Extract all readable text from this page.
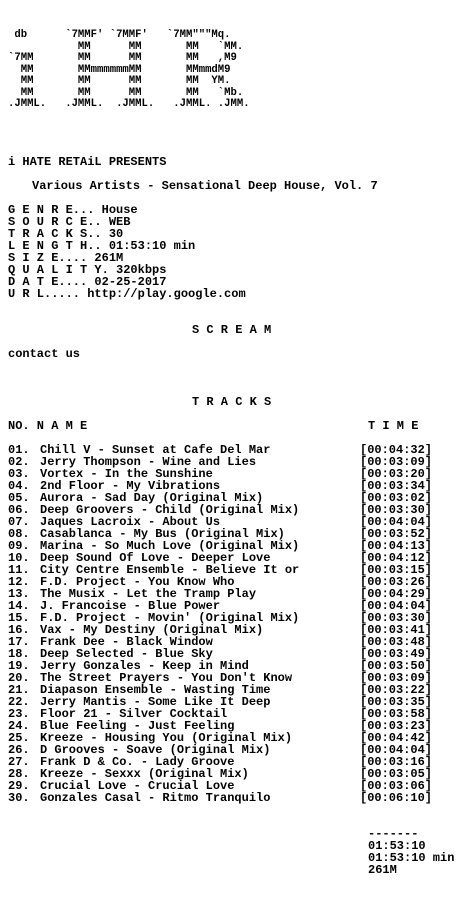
db      `7MMF' `7MMF'   `7MM"""Mq.
MM      MM       MM   `MM.
`7MM       MM      MM       MM   ,M9
MM       MMmmmmmmMM       MMmmdM9
MM       MM      MM       MM  YM.
MM       MM      MM       MM   `Mb.
.JMML.   .JMML.  .JMML.   .JMML. .JMM.
i HATE RETAiL PRESENTS
Various Artists - Sensational Deep House, Vol. 7
G E N R E... House
S O U R C E.. WEB
T R A C K S.. 30
L E N G T H.. 01:53:10 min
S I Z E.... 261M
Q U A L I T Y. 320kbps
D A T E.... 02-25-2017
U R L..... http://play.google.com
S C R E A M
contact us
T R A C K S
NO. N A M E	T I M E
01. Chill V - Sunset at Cafe Del Mar	[00:04:32]
02. Jerry Thompson - Wine and Lies	[00:03:09]
03. Vortex - In the Sunshine	[00:03:20]
04. 2nd Floor - My Vibrations	[00:03:34]
05. Aurora - Sad Day (Original Mix)	[00:03:02]
06. Deep Groovers - Child (Original Mix)	[00:03:30]
07. Jaques Lacroix - About Us	[00:04:04]
08. Casablanca - My Bus (Original Mix)	[00:03:52]
09. Marina - So Much Love (Original Mix)	[00:04:13]
10. Deep Sound Of Love - Deeper Love	[00:04:12]
11. City Centre Ensemble - Believe It or	[00:03:15]
12. F.D. Project - You Know Who	[00:03:26]
13. The Musix - Let the Tramp Play	[00:04:29]
14. J. Francoise - Blue Power	[00:04:04]
15. F.D. Project - Movin' (Original Mix)	[00:03:30]
16. Vax - My Destiny (Original Mix)	[00:03:41]
17. Frank Dee - Black Window	[00:03:48]
18. Deep Selected - Blue Sky	[00:03:49]
19. Jerry Gonzales - Keep in Mind	[00:03:50]
20. The Street Prayers - You Don't Know	[00:03:09]
21. Diapason Ensemble - Wasting Time	[00:03:22]
22. Jerry Mantis - Some Like It Deep	[00:03:35]
23. Floor 21 - Silver Cocktail	[00:03:58]
24. Blue Feeling - Just Feeling	[00:03:23]
25. Kreeze - Housing You (Original Mix)	[00:04:42]
26. D Grooves - Soave (Original Mix)	[00:04:04]
27. Frank D & Co. - Lady Groove	[00:03:16]
28. Kreeze - Sexxx (Original Mix)	[00:03:05]
29. Crucial Love - Crucial Love	[00:03:06]
30. Gonzales Casal - Ritmo Tranquilo	[00:06:10]
-------
01:53:10
01:53:10 min
261M
